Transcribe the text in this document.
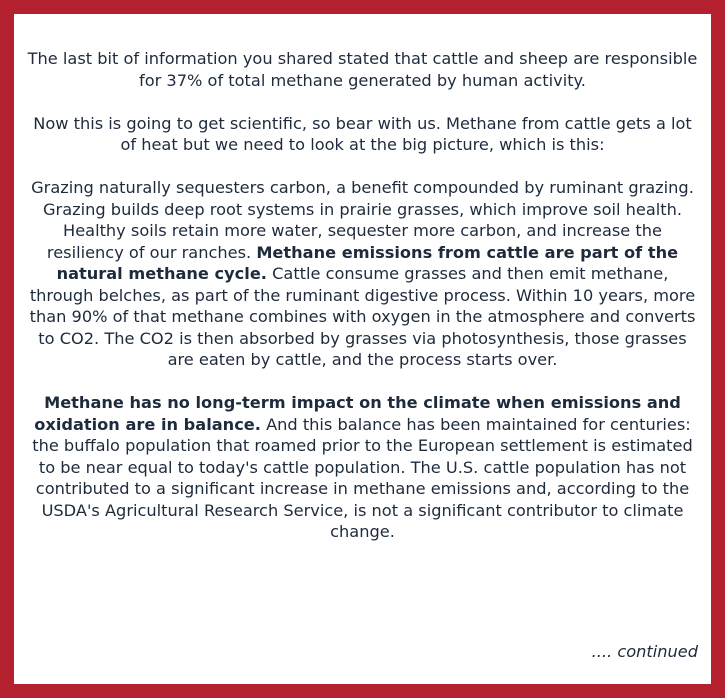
The last bit of information you shared stated that cattle and sheep are responsible for 37% of total methane generated by human activity.

Now this is going to get scientific, so bear with us. Methane from cattle gets a lot of heat but we need to look at the big picture, which is this:

Grazing naturally sequesters carbon, a benefit compounded by ruminant grazing. Grazing builds deep root systems in prairie grasses, which improve soil health. Healthy soils retain more water, sequester more carbon, and increase the resiliency of our ranches. Methane emissions from cattle are part of the natural methane cycle. Cattle consume grasses and then emit methane, through belches, as part of the ruminant digestive process. Within 10 years, more than 90% of that methane combines with oxygen in the atmosphere and converts to CO2. The CO2 is then absorbed by grasses via photosynthesis, those grasses are eaten by cattle, and the process starts over.

Methane has no long-term impact on the climate when emissions and oxidation are in balance. And this balance has been maintained for centuries: the buffalo population that roamed prior to the European settlement is estimated to be near equal to today's cattle population. The U.S. cattle population has not contributed to a significant increase in methane emissions and, according to the USDA's Agricultural Research Service, is not a significant contributor to climate change.

.... continued
